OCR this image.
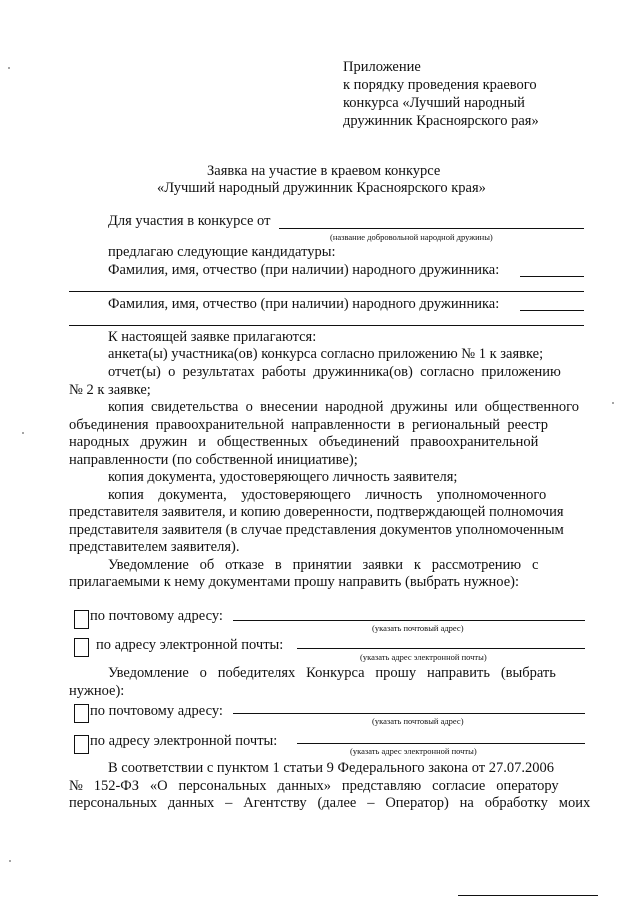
Приложение
к порядку проведения краевого
конкурса «Лучший народный
дружинник Красноярского рая»
Заявка на участие в краевом конкурсе
«Лучший народный дружинник Красноярского края»
Для участия в конкурсе от
(название добровольной народной дружины)
предлагаю следующие кандидатуры:
Фамилия, имя, отчество (при наличии) народного дружинника:
Фамилия, имя, отчество (при наличии) народного дружинника:
К настоящей заявке прилагаются:
анкета(ы) участника(ов) конкурса согласно приложению № 1 к заявке;
отчет(ы)  о  результатах  работы  дружинника(ов)  согласно  приложению
№ 2 к заявке;
копия  свидетельства  о  внесении  народной  дружины  или  общественного
объединения  правоохранительной  направленности  в  региональный  реестр
народных   дружин   и   общественных   объединений   правоохранительной
направленности (по собственной инициативе);
копия документа, удостоверяющего личность заявителя;
копия    документа,    удостоверяющего    личность    уполномоченного
представителя заявителя, и копию доверенности, подтверждающей полномочия
представителя заявителя (в случае представления документов уполномоченным
представителем заявителя).
Уведомление   об   отказе   в   принятии   заявки   к   рассмотрению   с
прилагаемыми к нему документами прошу направить (выбрать нужное):
по почтовому адресу:
(указать почтовый адрес)
по адресу электронной почты:
(указать адрес электронной почты)
Уведомление   о   победителях   Конкурса   прошу   направить   (выбрать
нужное):
по почтовому адресу:
(указать почтовый адрес)
по адресу электронной почты:
(указать адрес электронной почты)
В соответствии с пунктом 1 статьи 9 Федерального закона от 27.07.2006
№   152-ФЗ   «О   персональных   данных»   представляю   согласие   оператору
персональных   данных   –   Агентству   (далее   –   Оператор)   на   обработку   моих
